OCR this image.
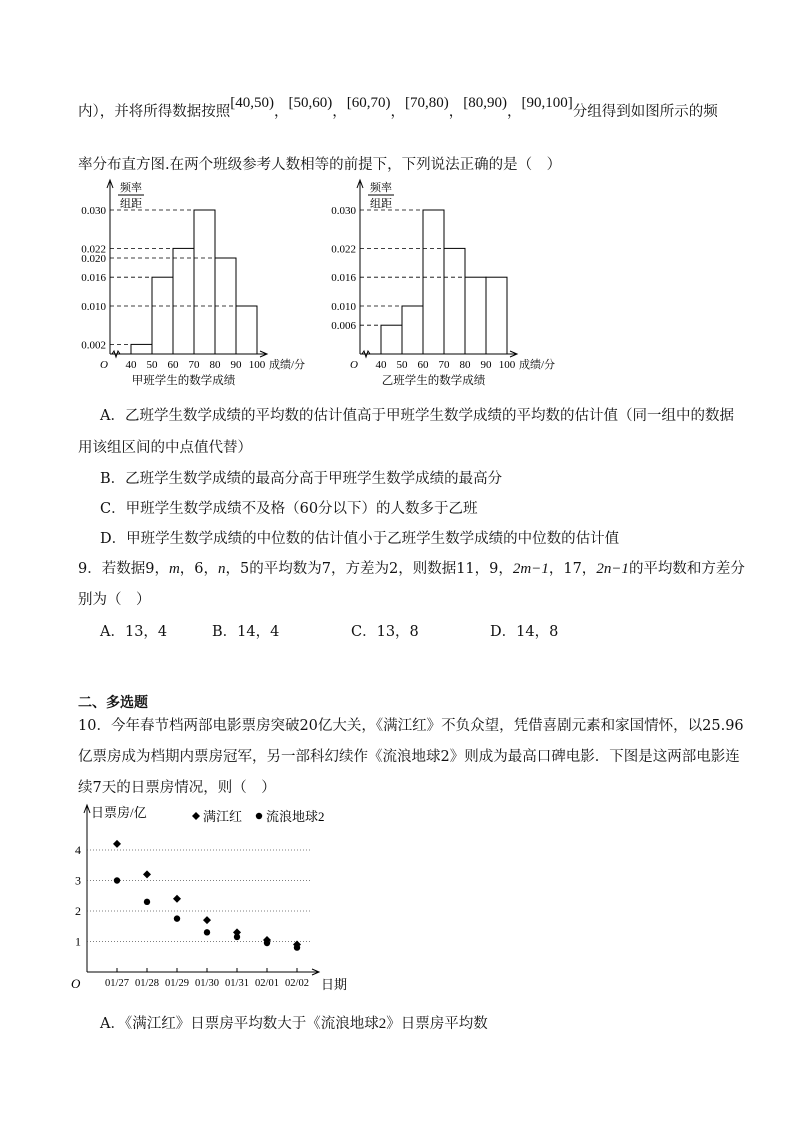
内），并将所得数据按照[40,50)，[50,60)，[60,70)，[70,80)，[80,90)，[90,100]分组得到如图所示的频
率分布直方图.在两个班级参考人数相等的前提下，下列说法正确的是（　）
频率
组距
0.030
0.022
0.020
0.016
0.010
0.002
40 50 60 70 80 90 100
O	成绩/分
甲班学生的数学成绩
频率
组距
0.030
0.022
0.016
0.010
0.006
40 50 60 70 80 90 100
O	成绩/分
乙班学生的数学成绩
A．乙班学生数学成绩的平均数的估计值高于甲班学生数学成绩的平均数的估计值（同一组中的数据
用该组区间的中点值代替）
B．乙班学生数学成绩的最高分高于甲班学生数学成绩的最高分
C．甲班学生数学成绩不及格（60分以下）的人数多于乙班
D．甲班学生数学成绩的中位数的估计值小于乙班学生数学成绩的中位数的估计值
9．若数据9，m，6，n，5的平均数为7，方差为2，则数据11，9，2m−1，17，2n−1的平均数和方差分
别为（　）
A．13，4	B．14，4	C．13，8	D．14，8
二、多选题
10．今年春节档两部电影票房突破20亿大关，《满江红》不负众望，凭借喜剧元素和家国情怀，以25.96
亿票房成为档期内票房冠军，另一部科幻续作《流浪地球2》则成为最高口碑电影．下图是这两部电影连
续7天的日票房情况，则（　）
日票房/亿
1
2
3
4
01/27 01/28 01/29 01/30 01/31 02/01 02/02
O	日期
满江红 流浪地球2
A．《满江红》日票房平均数大于《流浪地球2》日票房平均数
